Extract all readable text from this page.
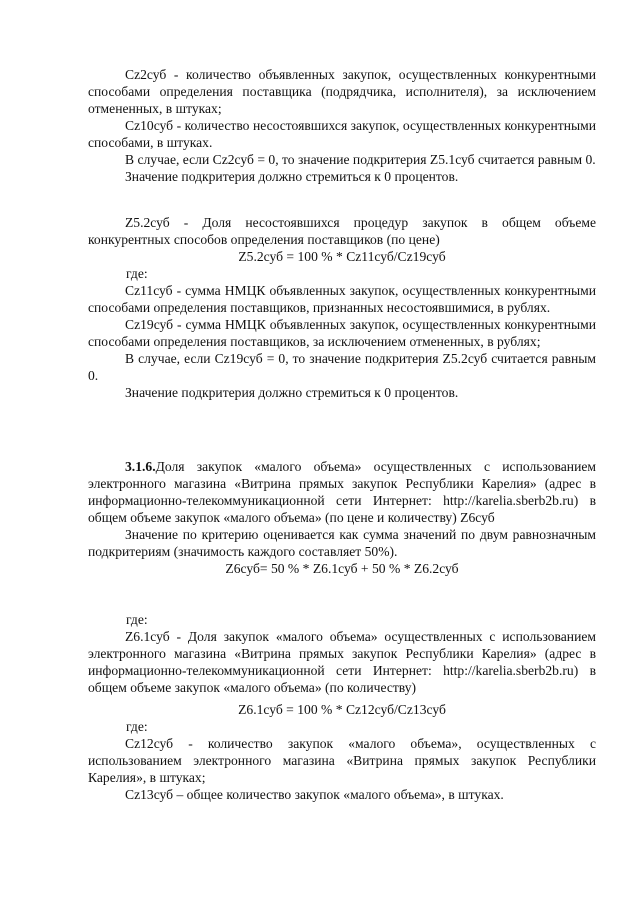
Cz2суб - количество объявленных закупок, осуществленных конкурентными способами определения поставщика (подрядчика, исполнителя), за исключением отмененных, в штуках;

Cz10суб - количество несостоявшихся закупок, осуществленных конкурентными способами, в штуках.

В случае, если Cz2суб = 0, то значение подкритерия Z5.1суб считается равным 0.

Значение подкритерия должно стремиться к 0 процентов.

Z5.2суб - Доля несостоявшихся процедур закупок в общем объеме конкурентных способов определения поставщиков (по цене)

Z5.2суб = 100 % * Cz11суб/Cz19суб

где:

Cz11суб - сумма НМЦК объявленных закупок, осуществленных конкурентными способами определения поставщиков, признанных несостоявшимися, в рублях.

Cz19суб - сумма НМЦК объявленных закупок, осуществленных конкурентными способами определения поставщиков, за исключением отмененных, в рублях;

В случае, если Cz19суб = 0, то значение подкритерия Z5.2суб считается равным 0.

Значение подкритерия должно стремиться к 0 процентов.

3.1.6.Доля закупок «малого объема» осуществленных с использованием электронного магазина «Витрина прямых закупок Республики Карелия» (адрес в информационно-телекоммуникационной сети Интернет: http://karelia.sberb2b.ru) в общем объеме закупок «малого объема» (по цене и количеству) Z6суб

Значение по критерию оценивается как сумма значений по двум равнозначным подкритериям (значимость каждого составляет 50%).

Z6суб= 50 % * Z6.1суб + 50 % * Z6.2суб

где:

Z6.1суб - Доля закупок «малого объема» осуществленных с использованием электронного магазина «Витрина прямых закупок Республики Карелия» (адрес в информационно-телекоммуникационной сети Интернет: http://karelia.sberb2b.ru) в общем объеме закупок «малого объема» (по количеству)

Z6.1суб = 100 % * Cz12суб/Cz13суб

где:

Cz12суб - количество закупок «малого объема», осуществленных с использованием электронного магазина «Витрина прямых закупок Республики Карелия», в штуках;

Cz13суб – общее количество закупок «малого объема», в штуках.
